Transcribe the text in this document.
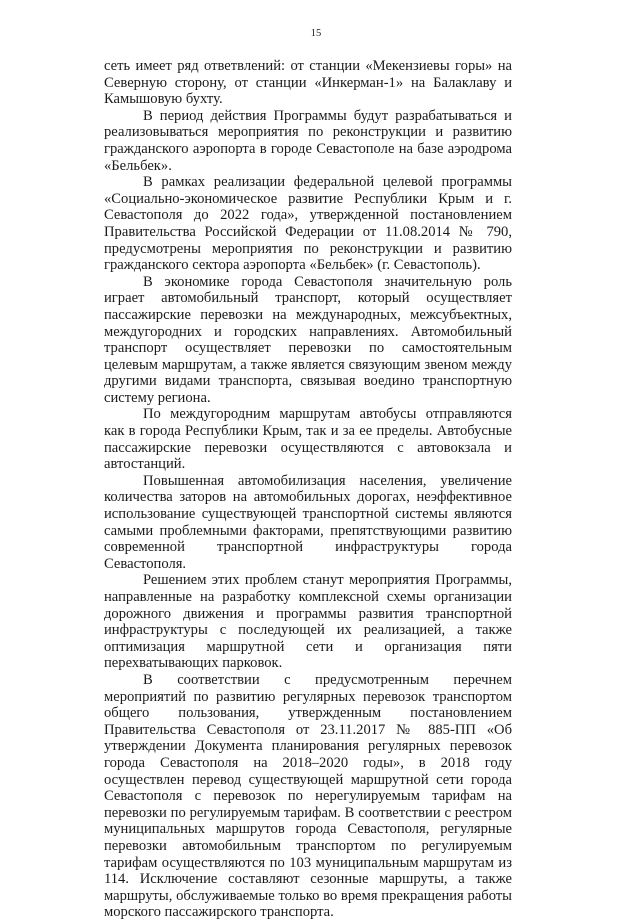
15

сеть имеет ряд ответвлений: от станции «Мекензиевы горы» на Северную сторону, от станции «Инкерман-1» на Балаклаву и Камышовую бухту.

В период действия Программы будут разрабатываться и реализовываться мероприятия по реконструкции и развитию гражданского аэропорта в городе Севастополе на базе аэродрома «Бельбек».

В рамках реализации федеральной целевой программы «Социально-экономическое развитие Республики Крым и г. Севастополя до 2022 года», утвержденной постановлением Правительства Российской Федерации от 11.08.2014 № 790, предусмотрены мероприятия по реконструкции и развитию гражданского сектора аэропорта «Бельбек» (г. Севастополь).

В экономике города Севастополя значительную роль играет автомобильный транспорт, который осуществляет пассажирские перевозки на международных, межсубъектных, междугородних и городских направлениях. Автомобильный транспорт осуществляет перевозки по самостоятельным целевым маршрутам, а также является связующим звеном между другими видами транспорта, связывая воедино транспортную систему региона.

По междугородним маршрутам автобусы отправляются как в города Республики Крым, так и за ее пределы. Автобусные пассажирские перевозки осуществляются с автовокзала и автостанций.

Повышенная автомобилизация населения, увеличение количества заторов на автомобильных дорогах, неэффективное использование существующей транспортной системы являются самыми проблемными факторами, препятствующими развитию современной транспортной инфраструктуры города Севастополя.

Решением этих проблем станут мероприятия Программы, направленные на разработку комплексной схемы организации дорожного движения и программы развития транспортной инфраструктуры с последующей их реализацией, а также оптимизация маршрутной сети и организация пяти перехватывающих парковок.

В соответствии с предусмотренным перечнем мероприятий по развитию регулярных перевозок транспортом общего пользования, утвержденным постановлением Правительства Севастополя от 23.11.2017 № 885-ПП «Об утверждении Документа планирования регулярных перевозок города Севастополя на 2018–2020 годы», в 2018 году осуществлен перевод существующей маршрутной сети города Севастополя с перевозок по нерегулируемым тарифам на перевозки по регулируемым тарифам. В соответствии с реестром муниципальных маршрутов города Севастополя, регулярные перевозки автомобильным транспортом по регулируемым тарифам осуществляются по 103 муниципальным маршрутам из 114. Исключение составляют сезонные маршруты, а также маршруты, обслуживаемые только во время прекращения работы морского пассажирского транспорта.
